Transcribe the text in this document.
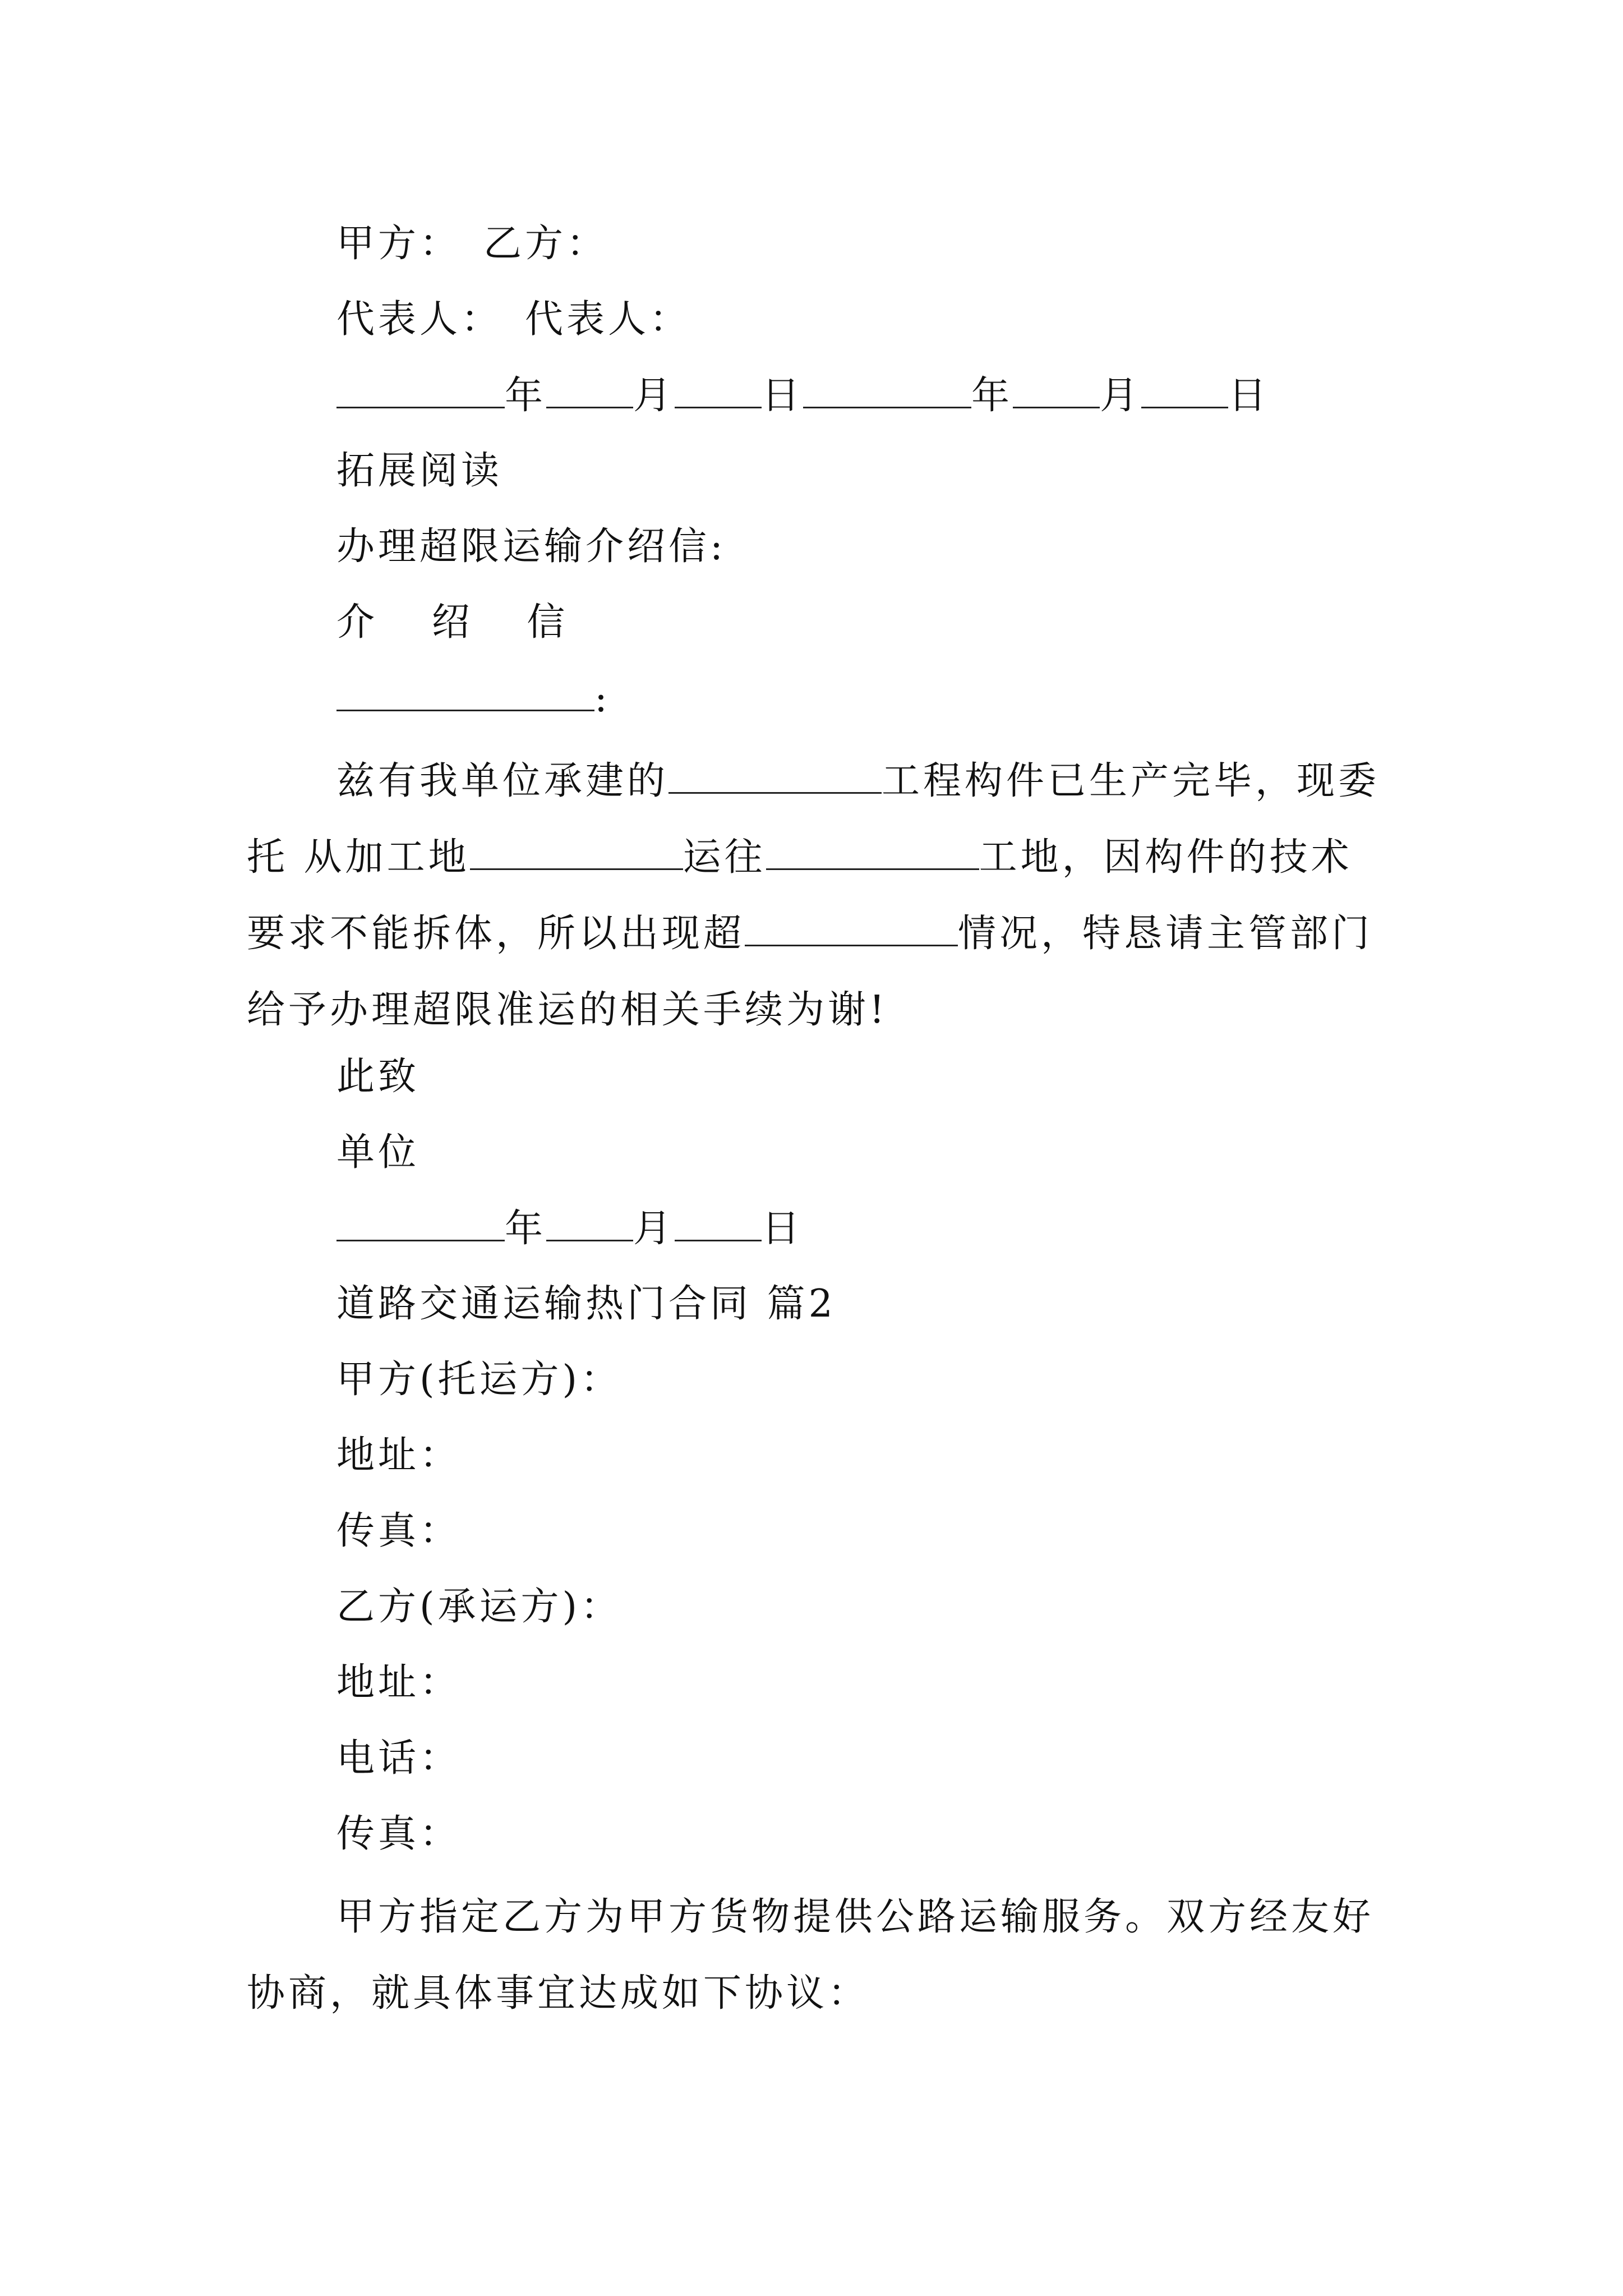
甲方： 乙方：
代表人： 代表人：
年 月 日	年 月 日
拓展阅读
办理超限运输介绍信:
介 绍 信
:
兹有我单位承建的	工程构件已生产完毕，现委托 从加工地	运往	工地，因构件的技术要求不能拆体，所以出现超	情况，特恳请主管部门给予办理超限准运的相关手续为谢!
此致
单位
年 月 日
道路交通运输热门合同 篇2
甲方(托运方)：
地址：
传真：
乙方(承运方)：
地址：
电话：
传真：
甲方指定乙方为甲方货物提供公路运输服务。双方经友好协商，就具体事宜达成如下协议：
